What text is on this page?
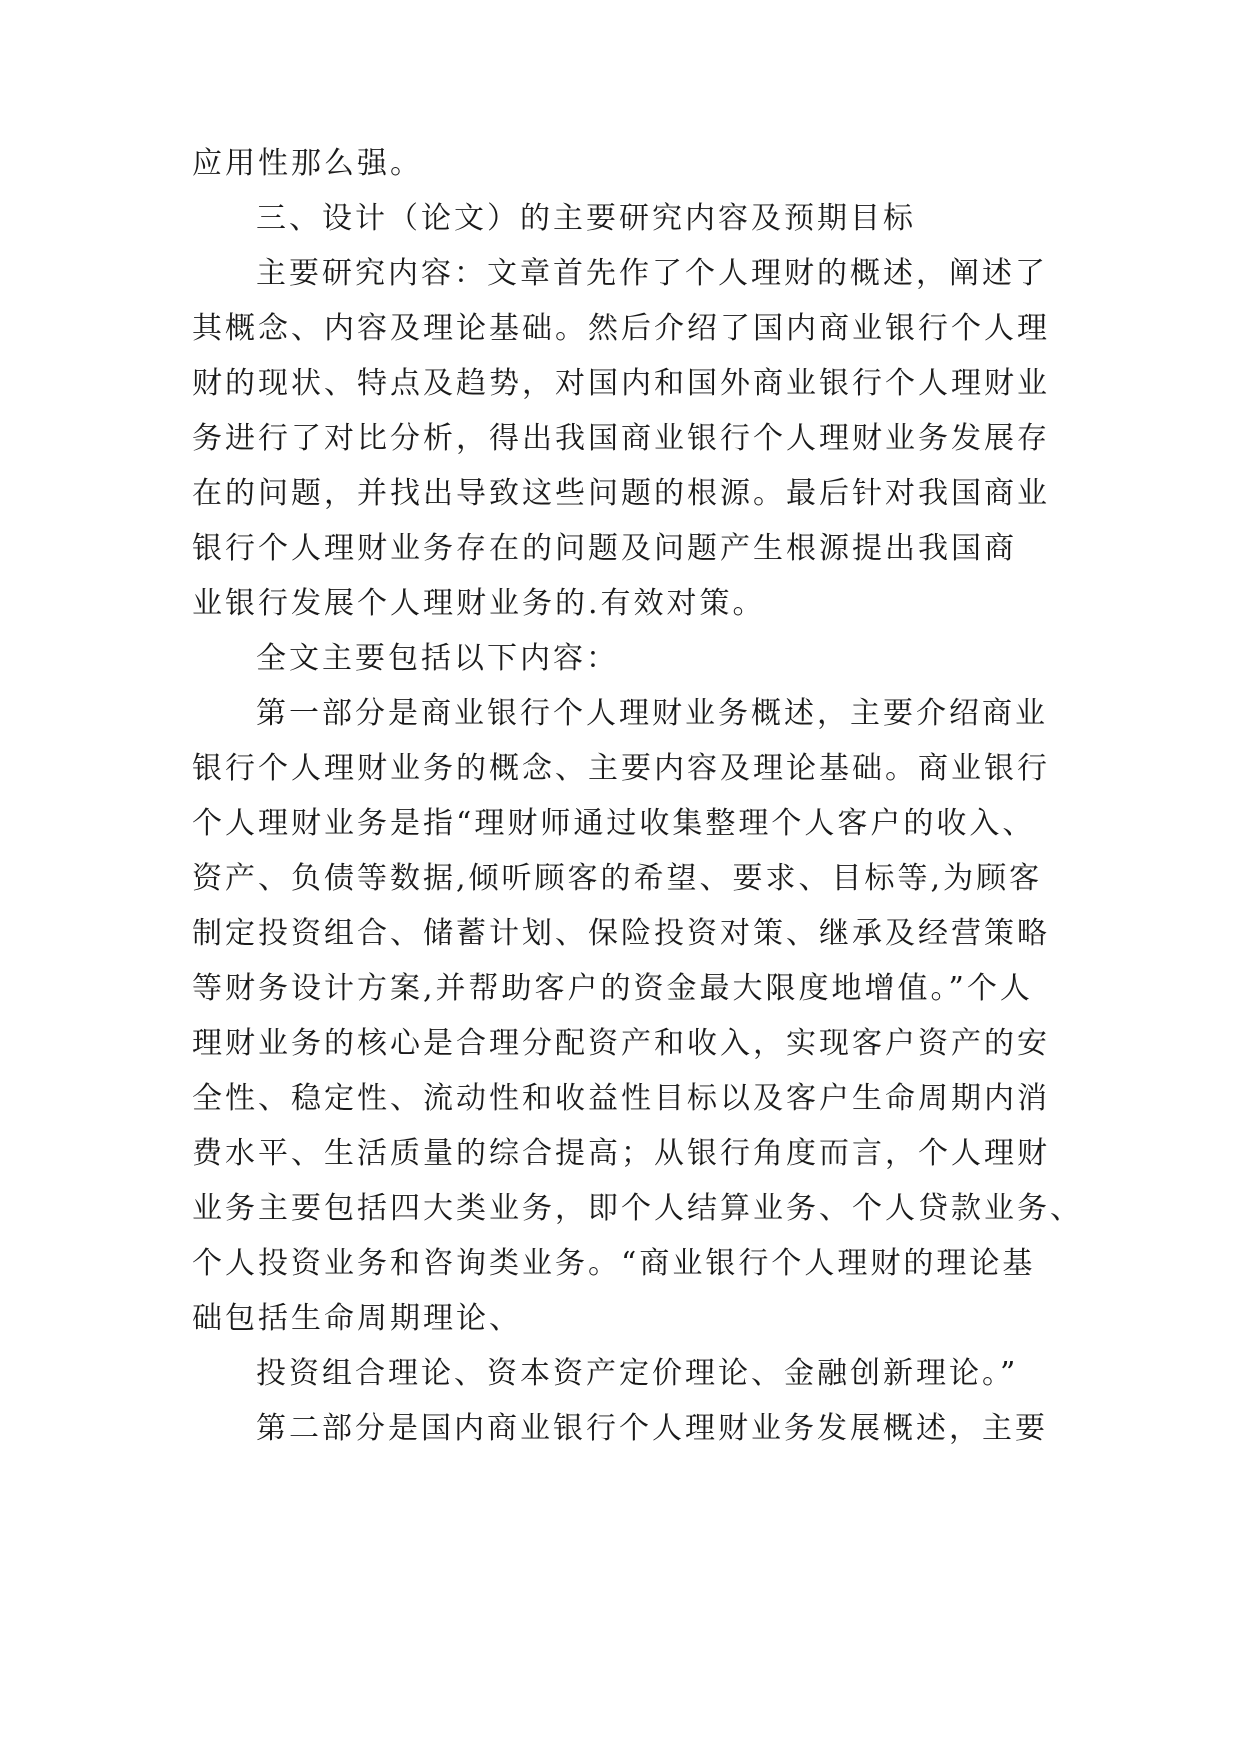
应用性那么强。
三、设计（论文）的主要研究内容及预期目标
主要研究内容：文章首先作了个人理财的概述，阐述了
其概念、内容及理论基础。然后介绍了国内商业银行个人理
财的现状、特点及趋势，对国内和国外商业银行个人理财业
务进行了对比分析，得出我国商业银行个人理财业务发展存
在的问题，并找出导致这些问题的根源。最后针对我国商业
银行个人理财业务存在的问题及问题产生根源提出我国商
业银行发展个人理财业务的.有效对策。
全文主要包括以下内容：
第一部分是商业银行个人理财业务概述，主要介绍商业
银行个人理财业务的概念、主要内容及理论基础。商业银行
个人理财业务是指“理财师通过收集整理个人客户的收入、
资产、负债等数据,倾听顾客的希望、要求、目标等,为顾客
制定投资组合、储蓄计划、保险投资对策、继承及经营策略
等财务设计方案,并帮助客户的资金最大限度地增值。”个人
理财业务的核心是合理分配资产和收入，实现客户资产的安
全性、稳定性、流动性和收益性目标以及客户生命周期内消
费水平、生活质量的综合提高；从银行角度而言，个人理财
业务主要包括四大类业务，即个人结算业务、个人贷款业务、
个人投资业务和咨询类业务。“商业银行个人理财的理论基
础包括生命周期理论、
投资组合理论、资本资产定价理论、金融创新理论。”
第二部分是国内商业银行个人理财业务发展概述，主要
